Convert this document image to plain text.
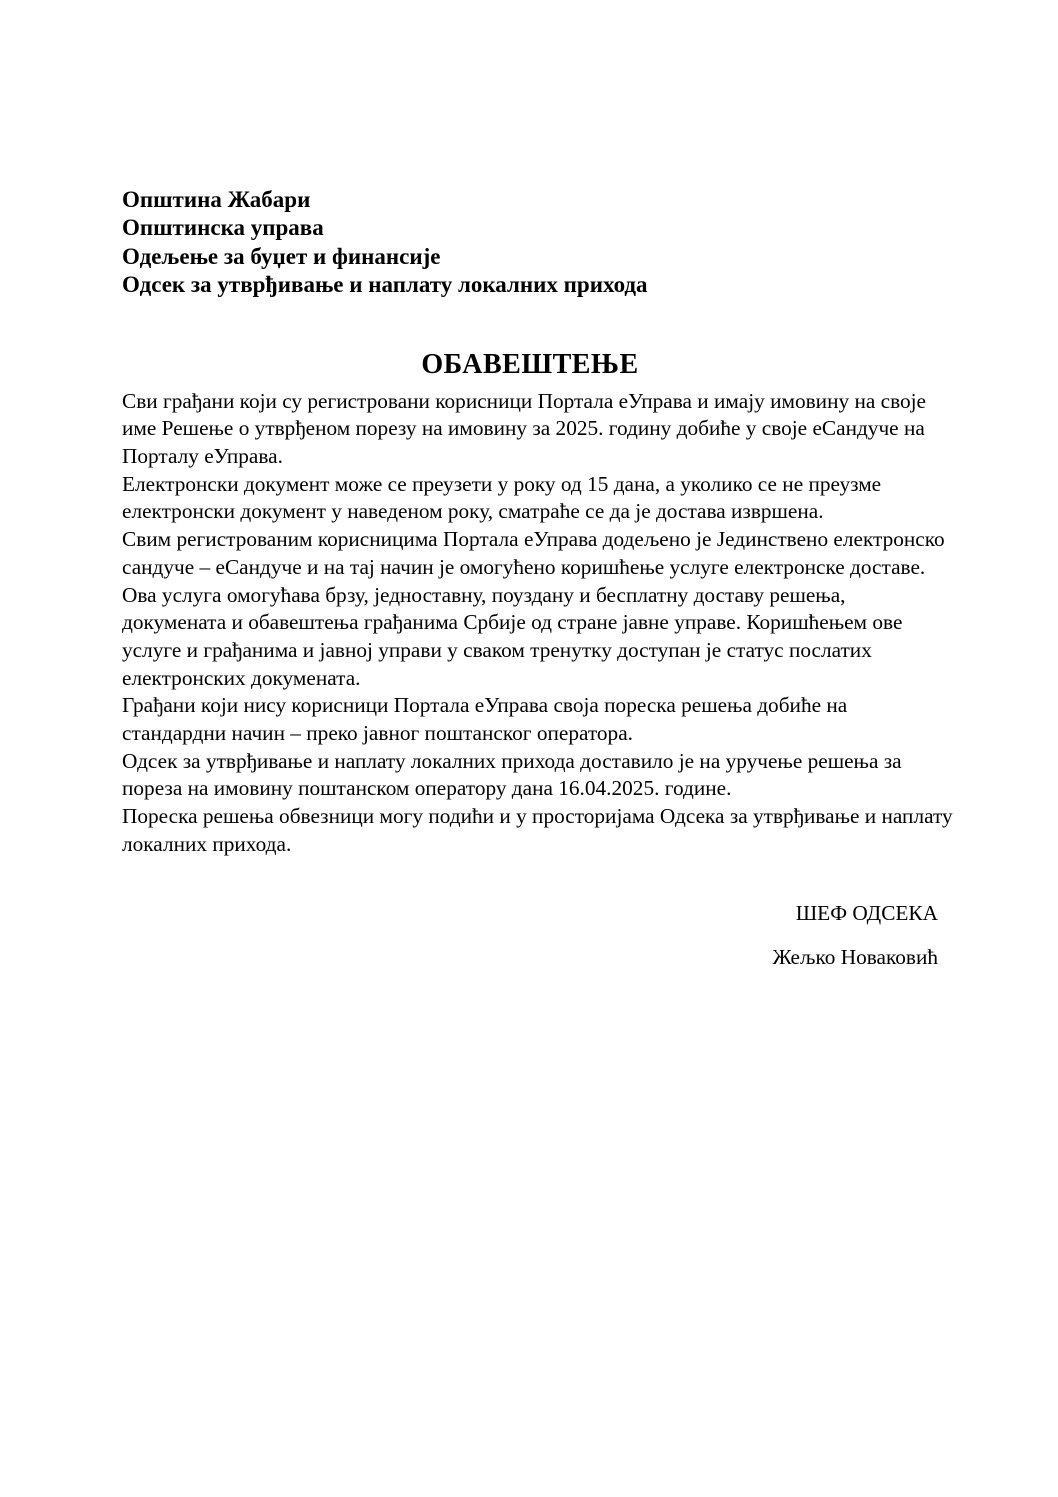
Општина Жабари
Општинска управа
Одељење за буџет и финансије
Одсек за утврђивање и наплату локалних прихода
ОБАВЕШТЕЊЕ
Сви грађани који су регистровани корисници Портала еУправа и имају имовину на своје
име Решење о утврђеном порезу на имовину за 2025. годину добиће у своје еСандуче на
Порталу еУправа.
Електронски документ може се преузети у року од 15 дана, а уколико се не преузме
електронски документ у наведеном року, сматраће се да је достава извршена.
Свим регистрованим корисницима Портала еУправа додељено је Јединствено електронско
сандуче – еСандуче и на тај начин је омогућено коришћење услуге електронске доставе.
Ова услуга омогућава брзу, једноставну, поуздану и бесплатну доставу решења,
докумената и обавештења грађанима Србије од стране јавне управе. Коришћењем ове
услуге и грађанима и јавној управи у сваком тренутку доступан је статус послатих
електронских докумената.
Грађани који нису корисници Портала еУправа своја пореска решења добиће на
стандардни начин – преко јавног поштанског оператора.
Одсек за утврђивање и наплату локалних прихода доставило је на уручење решења за
пореза на имовину поштанском оператору дана 16.04.2025. године.
Пореска решења обвезници могу подићи и у просторијама Одсека за утврђивање и наплату
локалних прихода.
ШЕФ ОДСЕКА
Жељко Новаковић
